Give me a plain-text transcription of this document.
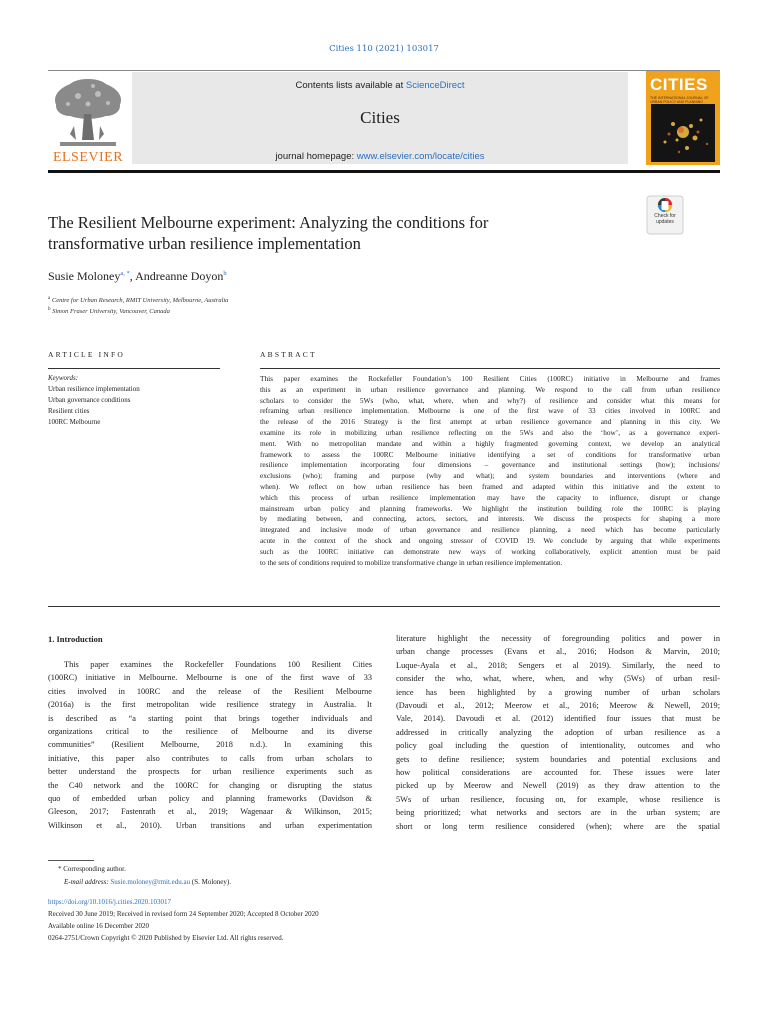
Cities 110 (2021) 103017
ELSEVIER
Contents lists available at ScienceDirect
Cities
journal homepage: www.elsevier.com/locate/cities
CITIES
THE INTERNATIONAL JOURNAL OF URBAN POLICY AND PLANNING
The Resilient Melbourne experiment: Analyzing the conditions for
transformative urban resilience implementation
Check for updates
Susie Moloney$^{a, *}$, Andreanne Doyon$^b$
$^a$ Centre for Urban Research, RMIT University, Melbourne, Australia
$^b$ Simon Fraser University, Vancouver, Canada
ARTICLE INFO	ABSTRACT
Keywords:
Urban resilience implementation
Urban governance conditions
Resilient cities
100RC Melbourne
This paper examines the Rockefeller Foundation’s 100 Resilient Cities (100RC) initiative in Melbourne and frames
this as an experiment in urban resilience governance and planning. We respond to the call from urban resilience
scholars to consider the 5Ws (who, what, where, when and why?) of resilience and consider what this means for
reframing urban resilience implementation. Melbourne is one of the first wave of 33 cities involved in 100RC and
the release of the 2016 Strategy is the first attempt at urban resilience governance and planning in this city. We
examine its role in mobilizing urban resilience reflecting on the 5Ws and also the ‘how’, as a governance experi-
ment. With no metropolitan mandate and within a highly fragmented governing context, we develop an analytical
framework to assess the 100RC Melbourne initiative identifying a set of conditions for transformative urban
resilience implementation incorporating four dimensions – governance and institutional settings (how); inclusions/
exclusions (who); framing and purpose (why and what); and system boundaries and interventions (where and
when). We reflect on how urban resilience has been framed and adapted within this initiative and the extent to
which this process of urban resilience implementation may have the capacity to influence, disrupt or change
mainstream urban policy and planning frameworks. We highlight the institution building role the 100RC is playing
by mediating between, and connecting, actors, sectors, and interests. We discuss the prospects for shaping a more
integrated and inclusive mode of urban governance and resilience planning, a need which has become particularly
acute in the context of the shock and ongoing stressor of COVID 19. We conclude by arguing that while experiments
such as the 100RC initiative can demonstrate new ways of working collaboratively, explicit attention must be paid
to the sets of conditions required to mobilize transformative change in urban resilience implementation.
1. Introduction
This paper examines the Rockefeller Foundations 100 Resilient Cities
(100RC) initiative in Melbourne. Melbourne is one of the first wave of 33
cities involved in 100RC and the release of the Resilient Melbourne
(2016a) is the first metropolitan wide resilience strategy in Australia. It
is described as “a starting point that brings together individuals and
organizations critical to the resilience of Melbourne and its diverse
communities” (Resilient Melbourne, 2018 n.d.). In examining this
initiative, this paper also contributes to calls from urban scholars to
better understand the prospects for urban resilience experiments such as
the C40 network and the 100RC for changing or disrupting the status
quo of embedded urban policy and planning frameworks (Davidson &
Gleeson, 2017; Fastenrath et al., 2019; Wagenaar & Wilkinson, 2015;
Wilkinson et al., 2010). Urban transitions and urban experimentation
literature highlight the necessity of foregrounding politics and power in
urban change processes (Evans et al., 2016; Hodson & Marvin, 2010;
Luque-Ayala et al., 2018; Sengers et al 2019). Similarly, the need to
consider the who, what, where, when, and why (5Ws) of urban resil-
ience has been highlighted by a growing number of urban scholars
(Davoudi et al., 2012; Meerow et al., 2016; Meerow & Newell, 2019;
Vale, 2014). Davoudi et al. (2012) identified four issues that must be
addressed in critically analyzing the adoption of urban resilience as a
policy goal including the question of intentionality, outcomes and who
gets to define resilience; system boundaries and potential exclusions and
how political considerations are accounted for. These issues were later
picked up by Meerow and Newell (2019) as they draw attention to the
5Ws of urban resilience, focusing on, for example, whose resilience is
being prioritized; what networks and sectors are in the urban system; are
short or long term resilience considered (when); where are the spatial
* Corresponding author.
E-mail address: Susie.moloney@rmit.edu.au (S. Moloney).
https://doi.org/10.1016/j.cities.2020.103017
Received 30 June 2019; Received in revised form 24 September 2020; Accepted 8 October 2020
Available online 16 December 2020
0264-2751/Crown Copyright © 2020 Published by Elsevier Ltd. All rights reserved.
